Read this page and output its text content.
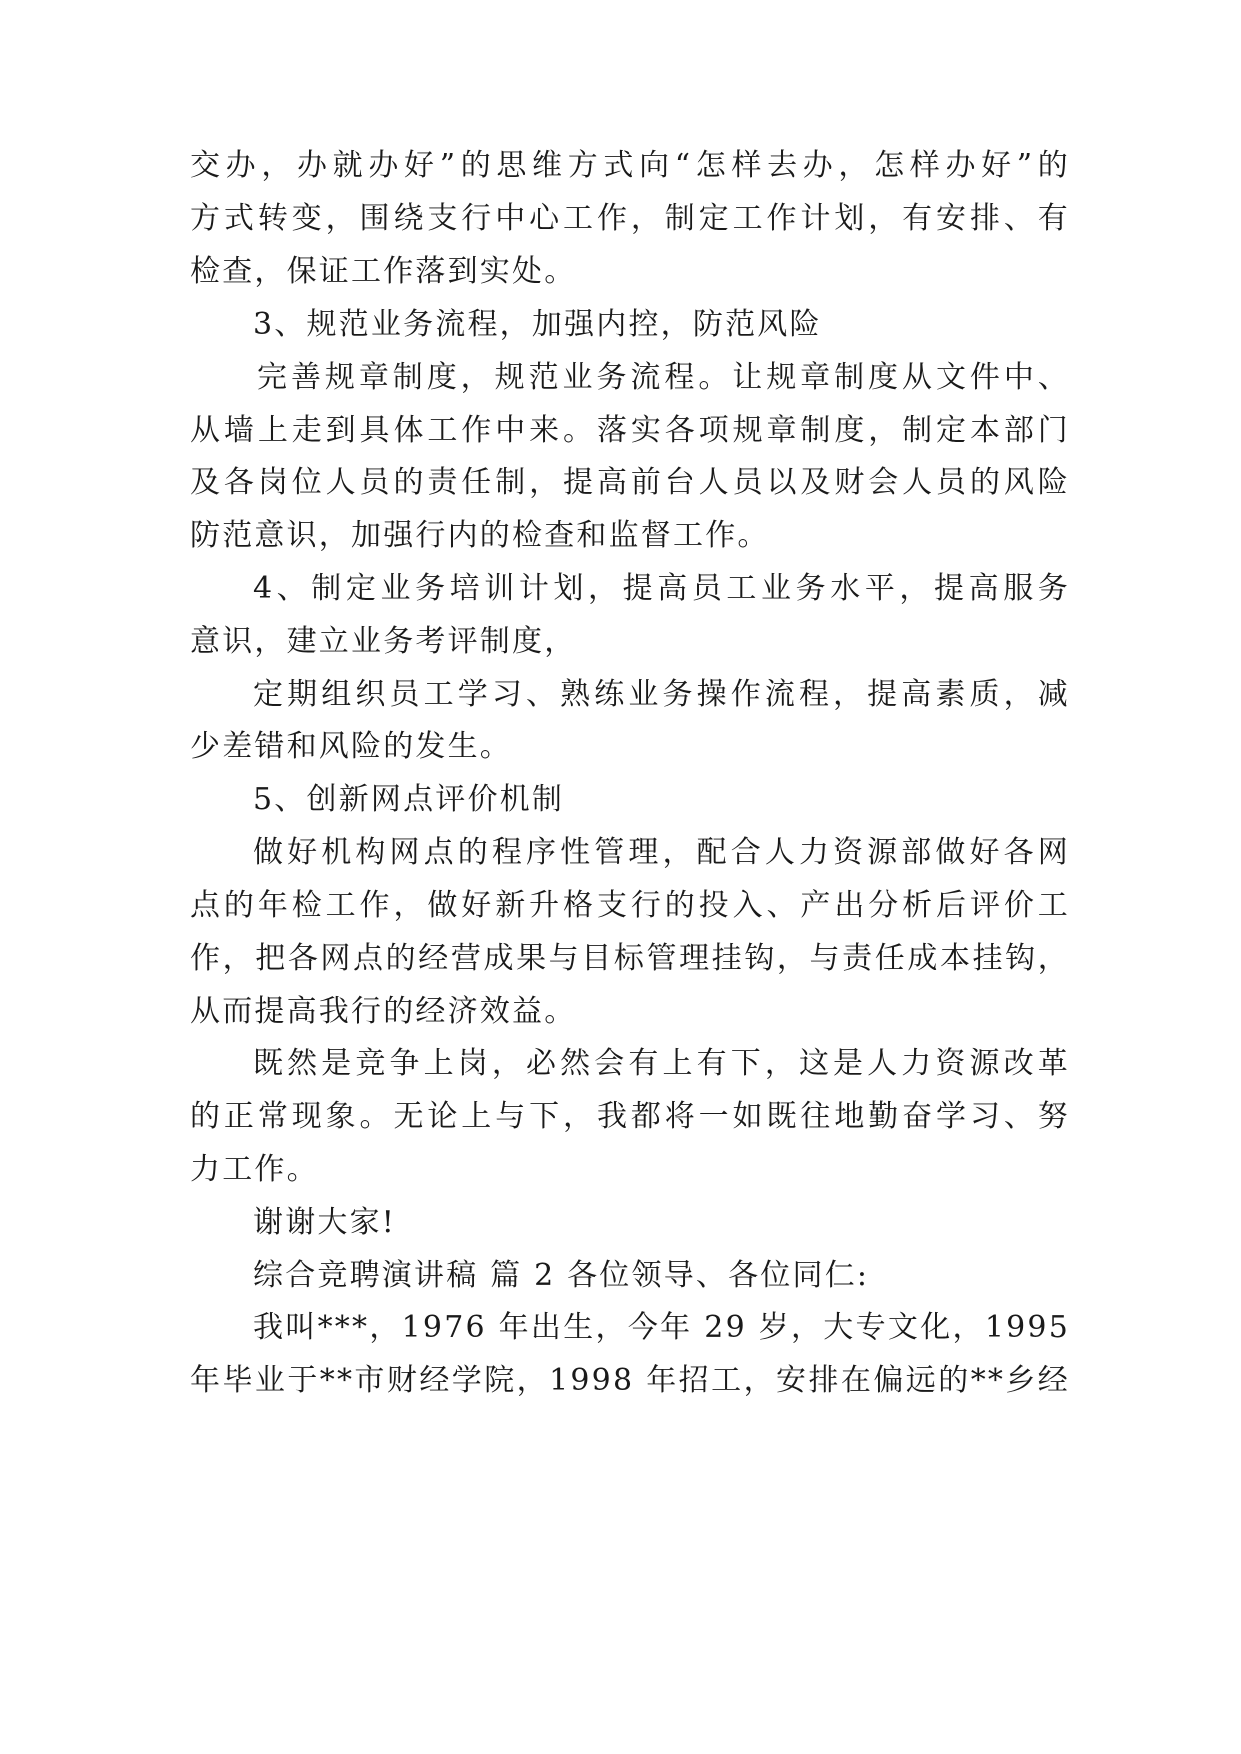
交办，办就办好”的思维方式向“怎样去办，怎样办好”的
方式转变，围绕支行中心工作，制定工作计划，有安排、有
检查，保证工作落到实处。
3、规范业务流程，加强内控，防范风险
完善规章制度，规范业务流程。让规章制度从文件中、
从墙上走到具体工作中来。落实各项规章制度，制定本部门
及各岗位人员的责任制，提高前台人员以及财会人员的风险
防范意识，加强行内的检查和监督工作。
4、制定业务培训计划，提高员工业务水平，提高服务
意识，建立业务考评制度，
定期组织员工学习、熟练业务操作流程，提高素质，减
少差错和风险的发生。
5、创新网点评价机制
做好机构网点的程序性管理，配合人力资源部做好各网
点的年检工作，做好新升格支行的投入、产出分析后评价工
作，把各网点的经营成果与目标管理挂钩，与责任成本挂钩，
从而提高我行的经济效益。
既然是竞争上岗，必然会有上有下，这是人力资源改革
的正常现象。无论上与下，我都将一如既往地勤奋学习、努
力工作。
谢谢大家!
综合竞聘演讲稿 篇 2 各位领导、各位同仁:
我叫***，1976 年出生，今年 29 岁，大专文化，1995
年毕业于**市财经学院，1998 年招工，安排在偏远的**乡经
